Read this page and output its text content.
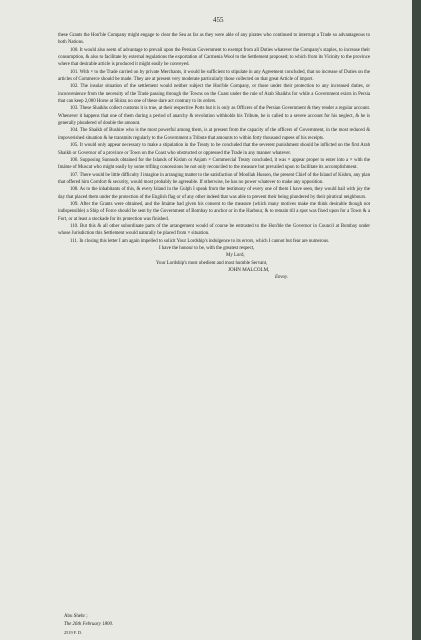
455

these Grants the Hon'ble Company might engage to clear the Sea as far as they were able of any pirates who continued to interrupt a Trade so advantageous to both Nations.

100. It would also seem of advantage to prevail upon the Persian Government to exempt from all Duties whatever the Company's staples, to increase their consumption, & also to facilitate by external regulations the exportation of Carmenia Wool to the Settlement proposed; to which from its Vicinity to the province where that desirable article is produced it might easily be conveyed.

101. With × to the Trade carried on by private Merchants, it would be sufficient to stipulate in any Agreement concluded, that no increase of Duties on the articles of Commerce should be made. They are at present very moderate particularly those collected on that great Article of import.

102. The insular situation of the settlement would neither subject the Hon'ble Company, or those under their protection to any increased duties, or inconvenience from the necessity of the Trade passing through the Towns on the Coast under the rule of Arab Shaikhs for while a Government exists in Persia that can keep 2,000 Horse at Shiraz no one of these dare act contrary to its orders.

103. These Shaikhs collect customs it is true, at their respective Ports but it is only as Officers of the Persian Government & they render a regular account. Whenever it happens that one of them during a period of anarchy & revolution withholds his Tribute, he is called to a severe account for his neglect, & he is generally plundered of double the amount.

104. The Shaikh of Bushire who is the most powerful among them, is at present from the capacity of the officers of Government, in the most reduced & impoverished situation & he transmits regularly to the Government a Tribute that amounts to within forty thousand rupees of his receipts.

105. It would only appear necessary to make a stipulation in the Treaty to be concluded that the severest punishment should be inflicted on the first Arab Shaikh or Governor of a province or Town on the Coast who obstructed or oppressed the Trade in any manner whatever.

106. Supposing Sunnuds obtained for the Islands of Kishm or Anjam × Commercial Treaty concluded, it was × appear proper to enter into a × with the Imáme of Muscat who might easily by some trifling concessions be not only reconciled to the measure but prevailed upon to facilitate its accomplishment.

107. There would be little difficulty I imagine in arranging matter to the satisfaction of Moollah Hussen, the present Chief of the Island of Kishm, any plan that offered him Comfort & security, would most probably be agreeable. If otherwise, he has no power whatever to make any opposition.

108. As to the inhabitants of this, & every Island in the Gulph I speak from the testimony of every one of them I have seen, they would hail with joy the day that placed them under the protection of the English flag or of any other indeed that was able to prevent their being plundered by their piratical neighbours.

109. After the Grants were obtained, and the Imáme had given his consent to the measure (which many motives make me think desirable though not indispensible) a Ship of Force should be sent by the Government of Bombay to anchor or in the Harbour, & to remain till a spot was fixed upon for a Town & a Fort, or at least a stockade for its protection was finished.

110. But this & all other subordinate parts of the arrangement would of course be entrusted to the Hon'ble the Governor in Council at Bombay under whose Jurisdiction this Settlement would naturally be placed from × situation.

111. In closing this letter I am again impelled to solicit Your Lordship's indulgence to its errors, which I cannot but fear are numerous.

I have the honour to be, with the greatest respect,

My Lord,

Your Lordship's most obedient and most humble Servant,

JOHN MALCOLM,

Envoy.

Abu Shehr ;
The 26th February 1800.
2519 F. D.
